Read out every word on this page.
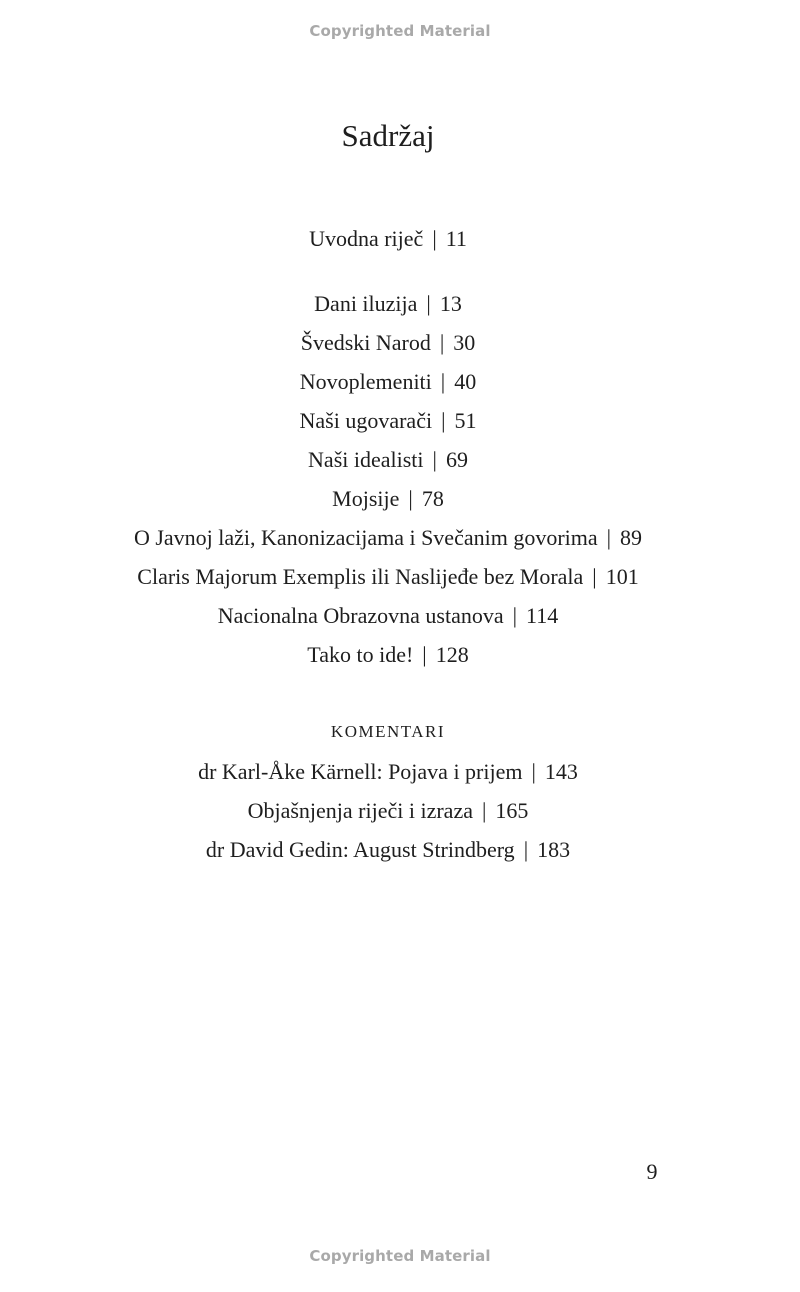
Copyrighted Material
Sadržaj
Uvodna riječ | 11
Dani iluzija | 13
Švedski Narod | 30
Novoplemeniti | 40
Naši ugovarači | 51
Naši idealisti | 69
Mojsije | 78
O Javnoj laži, Kanonizacijama i Svečanim govorima | 89
Claris Majorum Exemplis ili Naslijeđe bez Morala | 101
Nacionalna Obrazovna ustanova | 114
Tako to ide! | 128
KOMENTARI
dr Karl-Åke Kärnell: Pojava i prijem | 143
Objašnjenja riječi i izraza | 165
dr David Gedin: August Strindberg | 183
9
Copyrighted Material
